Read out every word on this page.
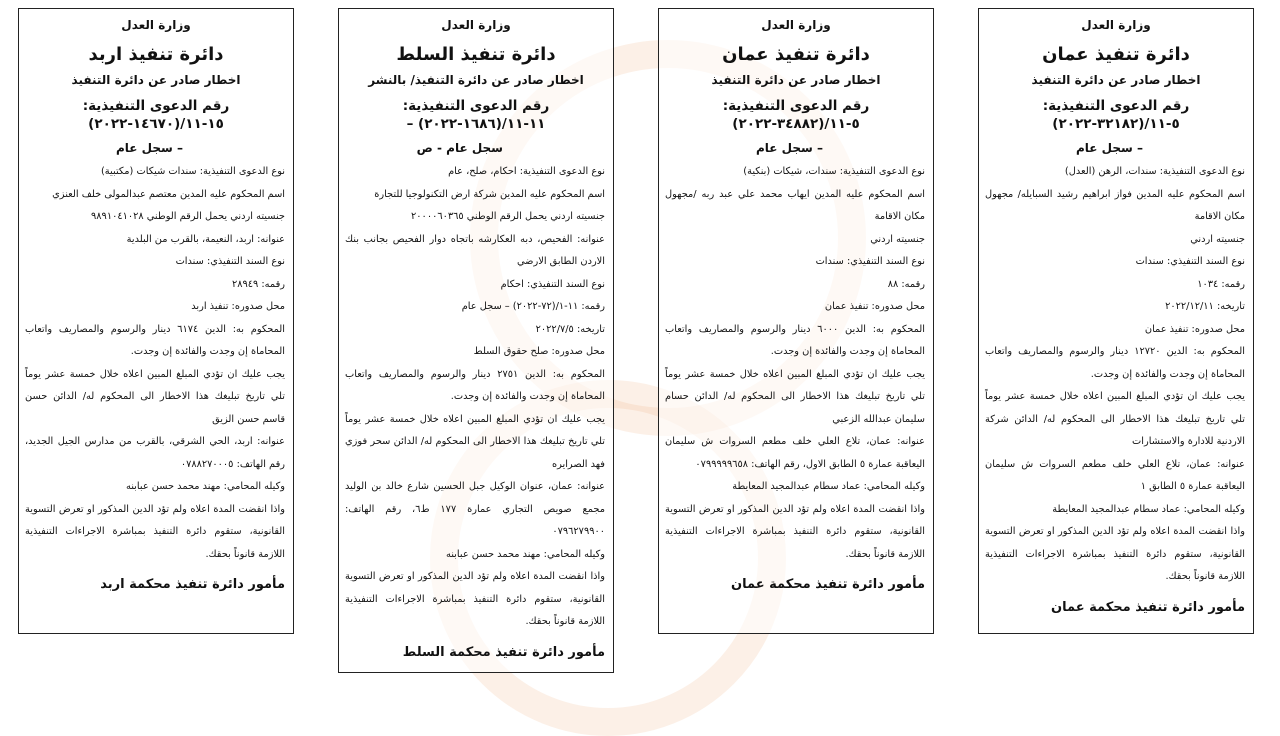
وزارة العدل
دائرة تنفيذ عمان
اخطار صادر عن دائرة التنفيذ
رقم الدعوى التنفيذية: ٥-١١/(٣٢١٨٢-٢٠٢٢)
– سجل عام

نوع الدعوى التنفيذية: سندات، الرهن (العدل)

اسم المحكوم عليه المدين فواز ابراهيم رشيد السبايله/ مجهول مكان الاقامة

جنسيته اردني

نوع السند التنفيذي: سندات

رقمه: ١٠٣٤

تاريخه: ٢٠٢٢/١٢/١١

محل صدوره: تنفيذ عمان

المحكوم به: الدين ١٢٧٢٠ دينار والرسوم والمصاريف واتعاب المحاماة إن وجدت والفائدة إن وجدت.

يجب عليك ان تؤدي المبلغ المبين اعلاه خلال خمسة عشر يوماً تلي تاريخ تبليغك هذا الاخطار الى المحكوم له/ الدائن شركة الاردنية للادارة والاستشارات

عنوانه: عمان، تلاع العلي خلف مطعم السروات ش سليمان اليعاقبة عمارة ٥ الطابق ١

وكيله المحامي: عماد سطام عبدالمجيد المعايطة

واذا انقضت المدة اعلاه ولم تؤد الدين المذكور او تعرض التسوية القانونية، ستقوم دائرة التنفيذ بمباشرة الاجراءات التنفيذية اللازمة قانوناً بحقك.

مأمور دائرة تنفيذ محكمة عمان
وزارة العدل
دائرة تنفيذ عمان
اخطار صادر عن دائرة التنفيذ
رقم الدعوى التنفيذية: ٥-١١/(٣٤٨٨٢-٢٠٢٢)
– سجل عام

نوع الدعوى التنفيذية: سندات، شيكات (بنكية)

اسم المحكوم عليه المدين ايهاب محمد علي عبد ربه /مجهول مكان الاقامة

جنسيته اردني

نوع السند التنفيذي: سندات

رقمه: ٨٨

محل صدوره: تنفيذ عمان

المحكوم به: الدين ٦٠٠٠ دينار والرسوم والمصاريف واتعاب المحاماة إن وجدت والفائدة إن وجدت.

يجب عليك ان تؤدي المبلغ المبين اعلاه خلال خمسة عشر يوماً تلي تاريخ تبليغك هذا الاخطار الى المحكوم له/ الدائن حسام سليمان عبدالله الزعبي

عنوانه: عمان، تلاع العلي خلف مطعم السروات ش سليمان اليعاقبة عمارة ٥ الطابق الاول، رقم الهاتف: ٠٧٩٩٩٩٩٦٥٨

وكيله المحامي: عماد سطام عبدالمجيد المعايطة

واذا انقضت المدة اعلاه ولم تؤد الدين المذكور او تعرض التسوية القانونية، ستقوم دائرة التنفيذ بمباشرة الاجراءات التنفيذية اللازمة قانوناً بحقك.

مأمور دائرة تنفيذ محكمة عمان
وزارة العدل
دائرة تنفيذ السلط
اخطار صادر عن دائرة التنفيذ/ بالنشر
رقم الدعوى التنفيذية: ١١-١١/(١٦٨٦-٢٠٢٢) –
سجل عام - ص

نوع الدعوى التنفيذية: احكام، صلح، عام

اسم المحكوم عليه المدين شركة ارض التكنولوجيا للتجارة

جنسيته اردني يحمل الرقم الوطني ٢٠٠٠٠٦٠٣٦٥

عنوانه: الفحيص، دبه العكارشه باتجاه دوار الفحيص بجانب بنك الاردن الطابق الارضي

نوع السند التنفيذي: احكام

رقمه: ١١-١/(٧٢-٢٠٢٢) – سجل عام

تاريخه: ٢٠٢٢/٧/٥

محل صدوره: صلح حقوق السلط

المحكوم به: الدين ٢٧٥١ دينار والرسوم والمصاريف واتعاب المحاماة إن وجدت والفائدة إن وجدت.

يجب عليك ان تؤدي المبلغ المبين اعلاه خلال خمسة عشر يوماً تلي تاريخ تبليغك هذا الاخطار الى المحكوم له/ الدائن سحر فوزي فهد الصرايره

عنوانه: عمان، عنوان الوكيل جبل الحسين شارع خالد بن الوليد مجمع صويص التجاري عمارة ١٧٧ ط٦، رقم الهاتف: ٠٧٩٦٢٧٩٩٠٠

وكيله المحامي: مهند محمد حسن عبابنه

واذا انقضت المدة اعلاه ولم تؤد الدين المذكور او تعرض التسوية القانونية، ستقوم دائرة التنفيذ بمباشرة الاجراءات التنفيذية اللازمة قانوناً بحقك.

مأمور دائرة تنفيذ محكمة السلط
وزارة العدل
دائرة تنفيذ اربد
اخطار صادر عن دائرة التنفيذ
رقم الدعوى التنفيذية: ١٥-١١/(١٤٦٧٠-٢٠٢٢)
– سجل عام

نوع الدعوى التنفيذية: سندات شيكات (مكتبية)

اسم المحكوم عليه المدين معتصم عبدالمولى خلف العنزي

جنسيته اردني يحمل الرقم الوطني ٩٨٩١٠٤١٠٢٨

عنوانه: اربد، النعيمة، بالقرب من البلدية

نوع السند التنفيذي: سندات

رقمه: ٢٨٩٤٩

محل صدوره: تنفيذ اربد

المحكوم به: الدين ٦١٧٤ دينار والرسوم والمصاريف واتعاب المحاماة إن وجدت والفائدة إن وجدت.

يجب عليك ان تؤدي المبلغ المبين اعلاه خلال خمسة عشر يوماً تلي تاريخ تبليغك هذا الاخطار الى المحكوم له/ الدائن حسن قاسم حسن الزيق

عنوانه: اربد، الحي الشرقي، بالقرب من مدارس الجيل الجديد، رقم الهاتف: ٠٧٨٨٢٧٠٠٠٥

وكيله المحامي: مهند محمد حسن عبابنه

واذا انقضت المدة اعلاه ولم تؤد الدين المذكور او تعرض التسوية القانونية، ستقوم دائرة التنفيذ بمباشرة الاجراءات التنفيذية اللازمة قانوناً بحقك.

مأمور دائرة تنفيذ محكمة اربد
